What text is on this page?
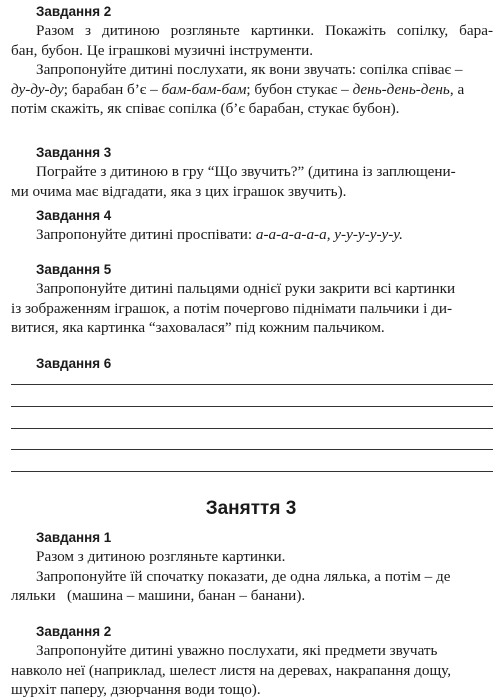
Завдання 2

Разом з дитиною розгляньте картинки. Покажіть сопілку, бара-
бан, бубон. Це іграшкові музичні інструменти.

Запропонуйте дитині послухати, як вони звучать: сопілка співає –
ду-ду-ду; барабан б’є – бам-бам-бам; бубон стукає – день-день-день, а
потім скажіть, як співає сопілка (б’є барабан, стукає бубон).

Завдання 3

Пограйте з дитиною в гру “Що звучить?” (дитина із заплющени-
ми очима має відгадати, яка з цих іграшок звучить).

Завдання 4

Запропонуйте дитині проспівати: а-а-а-а-а-а, у-у-у-у-у-у.

Завдання 5

Запропонуйте дитині пальцями однієї руки закрити всі картинки
із зображенням іграшок, а потім почергово піднімати пальчики і ди-
витися, яка картинка “заховалася” під кожним пальчиком.

Завдання 6

Заняття 3

Завдання 1

Разом з дитиною розгляньте картинки.

Запропонуйте їй спочатку показати, де одна лялька, а потім – де
ляльки   (машина – машини, банан – банани).

Завдання 2

Запропонуйте дитині уважно послухати, які предмети звучать
навколо неї (наприклад, шелест листя на деревах, накрапання дощу,
шурхіт паперу, дзюрчання води тощо).
